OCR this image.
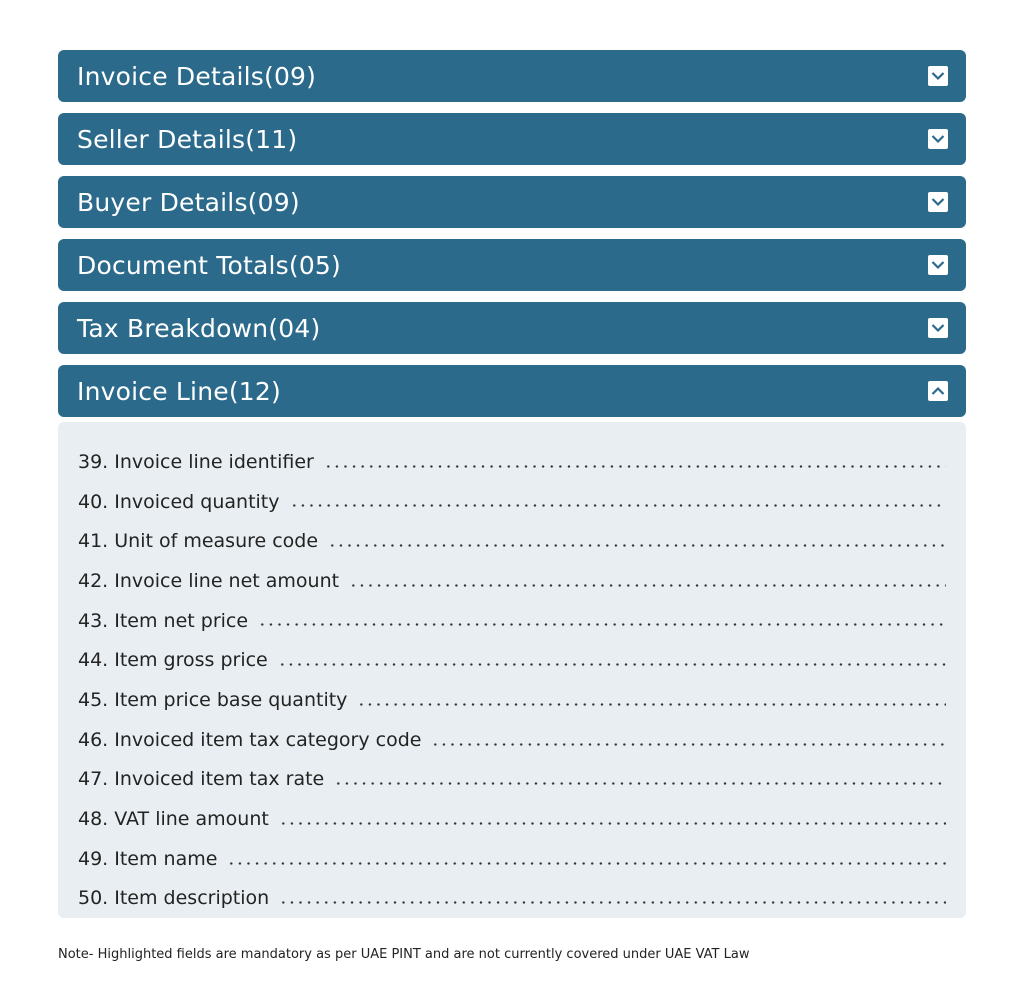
Invoice Details(09)
Seller Details(11)
Buyer Details(09)
Document Totals(05)
Tax Breakdown(04)
Invoice Line(12)
39. Invoice line identifier
40. Invoiced quantity
41. Unit of measure code
42. Invoice line net amount
43. Item net price
44. Item gross price
45. Item price base quantity
46. Invoiced item tax category code
47. Invoiced item tax rate
48. VAT line amount
49. Item name
50. Item description
Note- Highlighted fields are mandatory as per UAE PINT and are not currently covered under UAE VAT Law
